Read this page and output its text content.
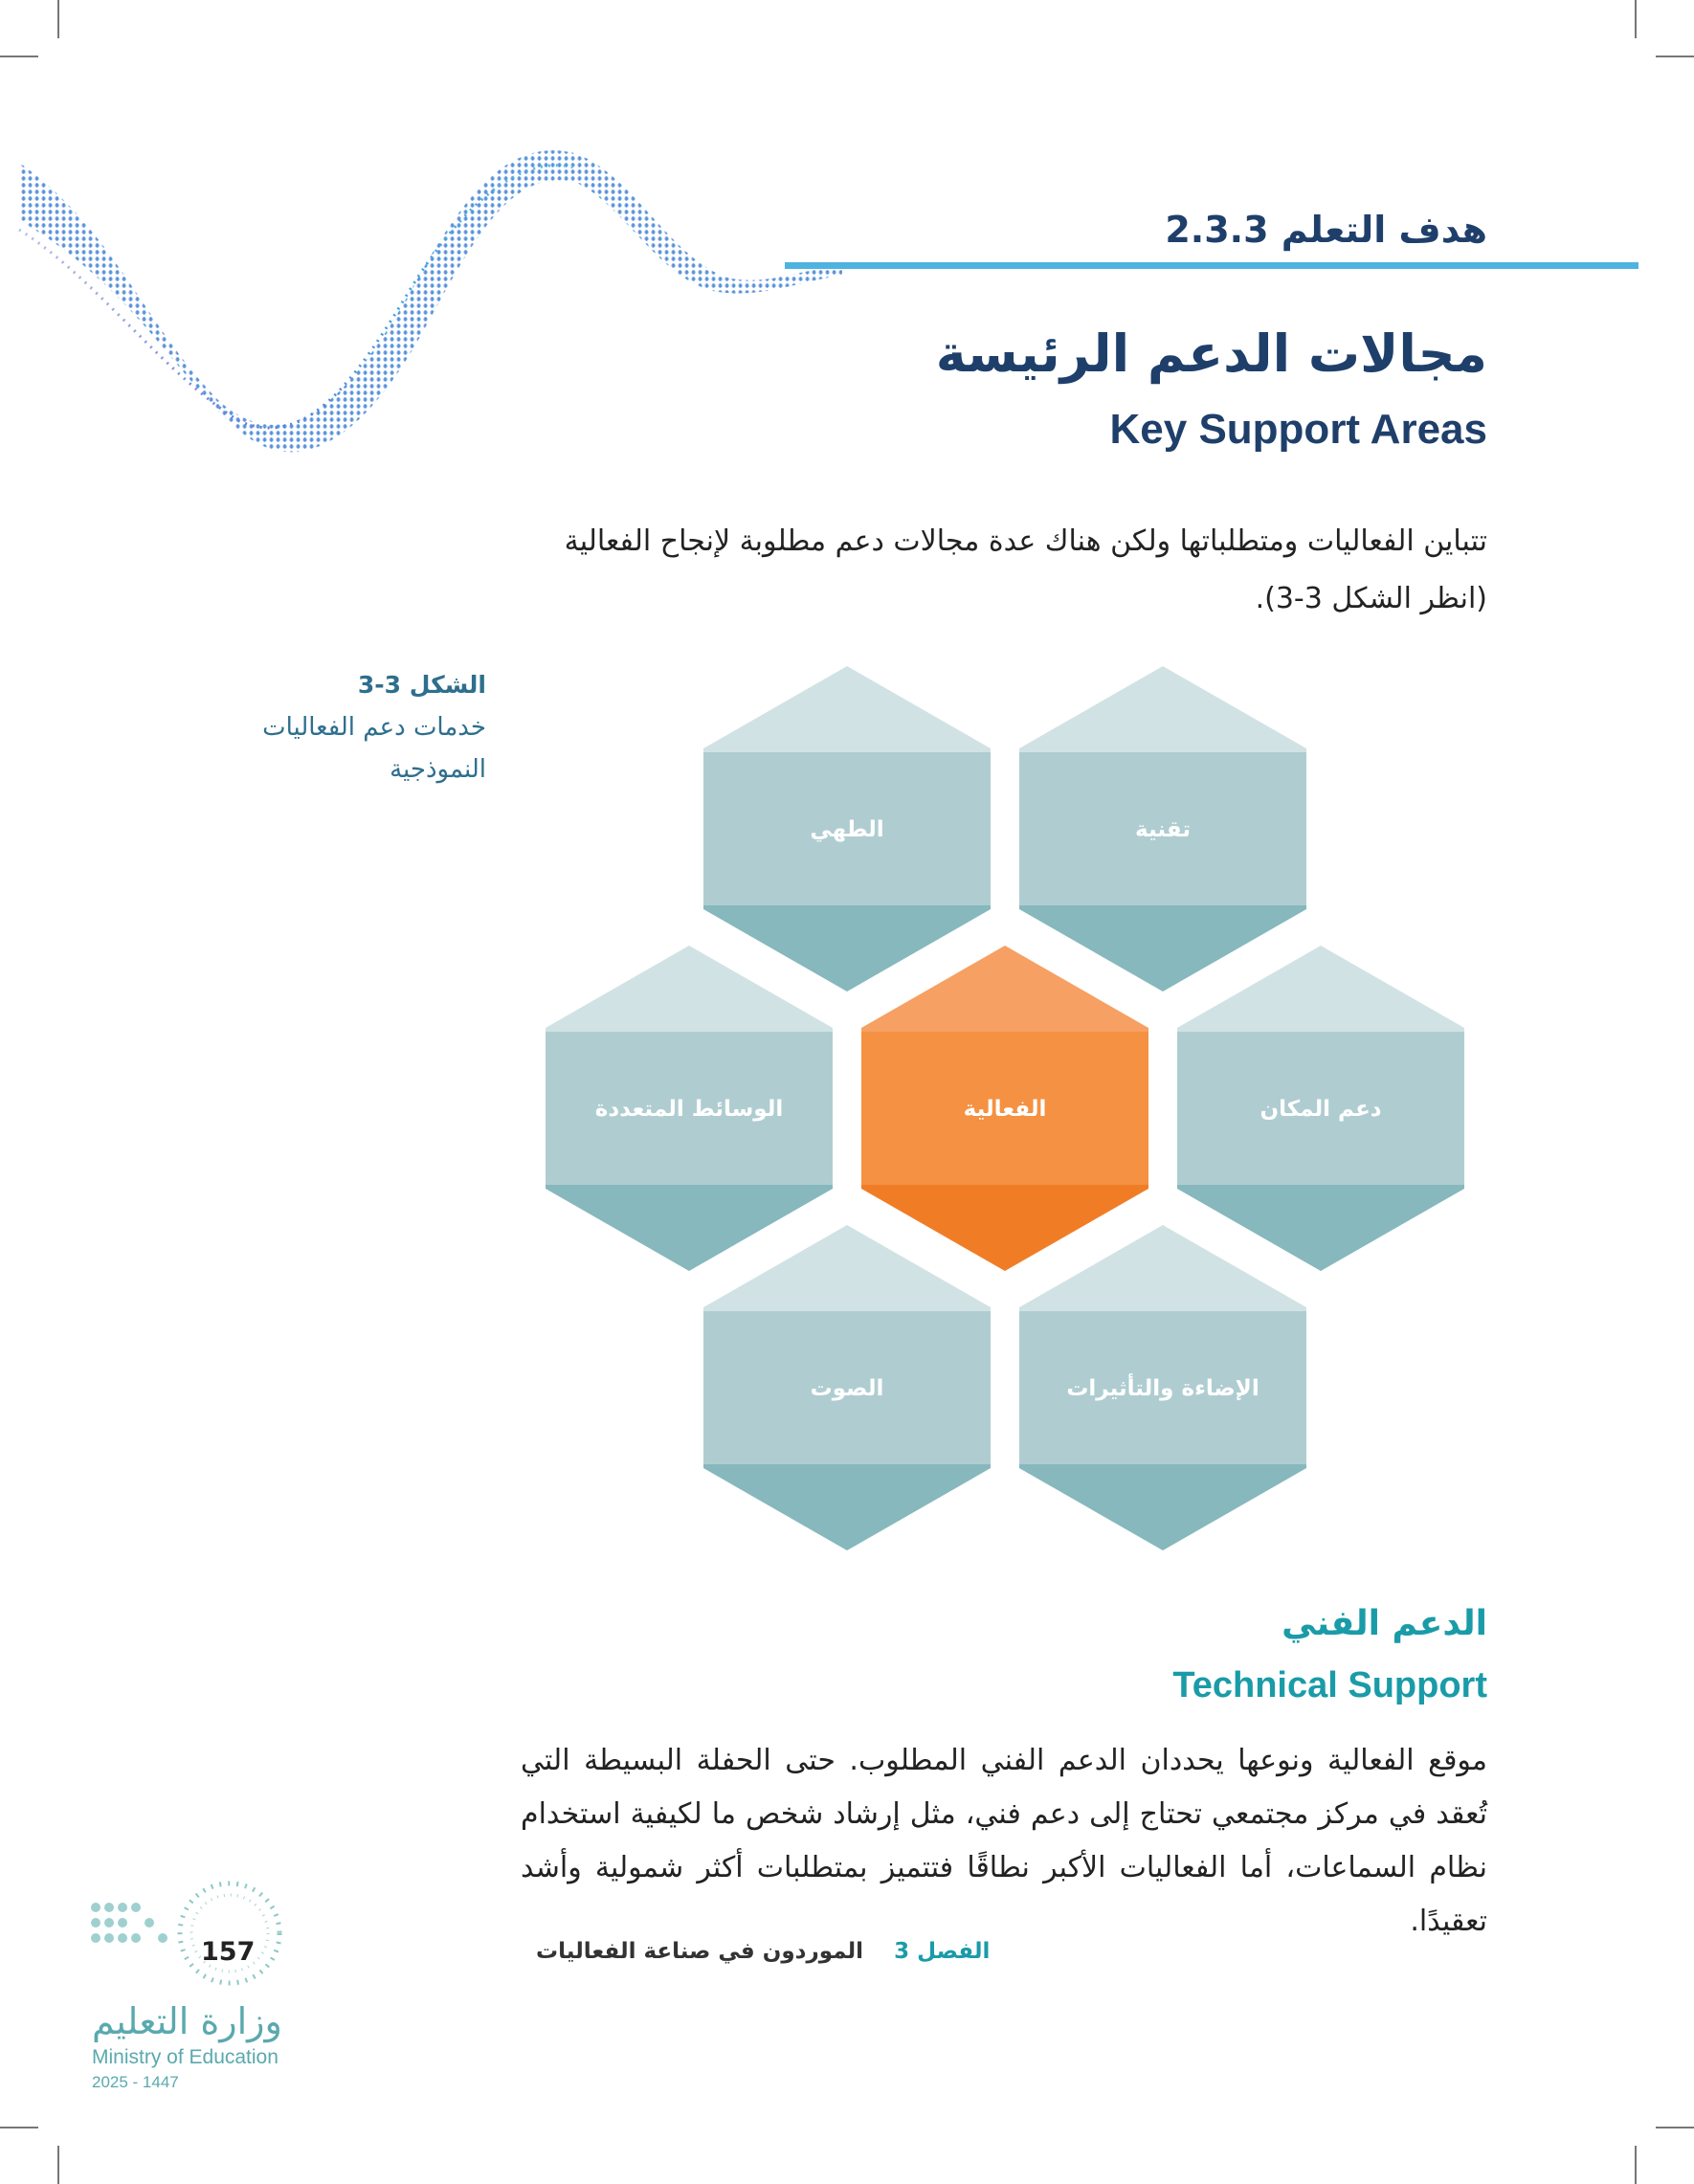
هدف التعلم 2.3.3
مجالات الدعم الرئيسة
Key Support Areas
تتباين الفعاليات ومتطلباتها ولكن هناك عدة مجالات دعم مطلوبة لإنجاح الفعالية (انظر الشكل 3-3).
الشكل 3-3
خدمات دعم الفعاليات النموذجية
الطهي	تقنية
الوسائط المتعددة	الفعالية	دعم المكان
الصوت	الإضاءة والتأثيرات
الدعم الفني
Technical Support
موقع الفعالية ونوعها يحددان الدعم الفني المطلوب. حتى الحفلة البسيطة التي تُعقد في مركز مجتمعي تحتاج إلى دعم فني، مثل إرشاد شخص ما لكيفية استخدام نظام السماعات، أما الفعاليات الأكبر نطاقًا فتتميز بمتطلبات أكثر شمولية وأشد تعقيدًا.
الفصل 3 الموردون في صناعة الفعاليات
157
وزارة التعليم
Ministry of Education
2025 - 1447
